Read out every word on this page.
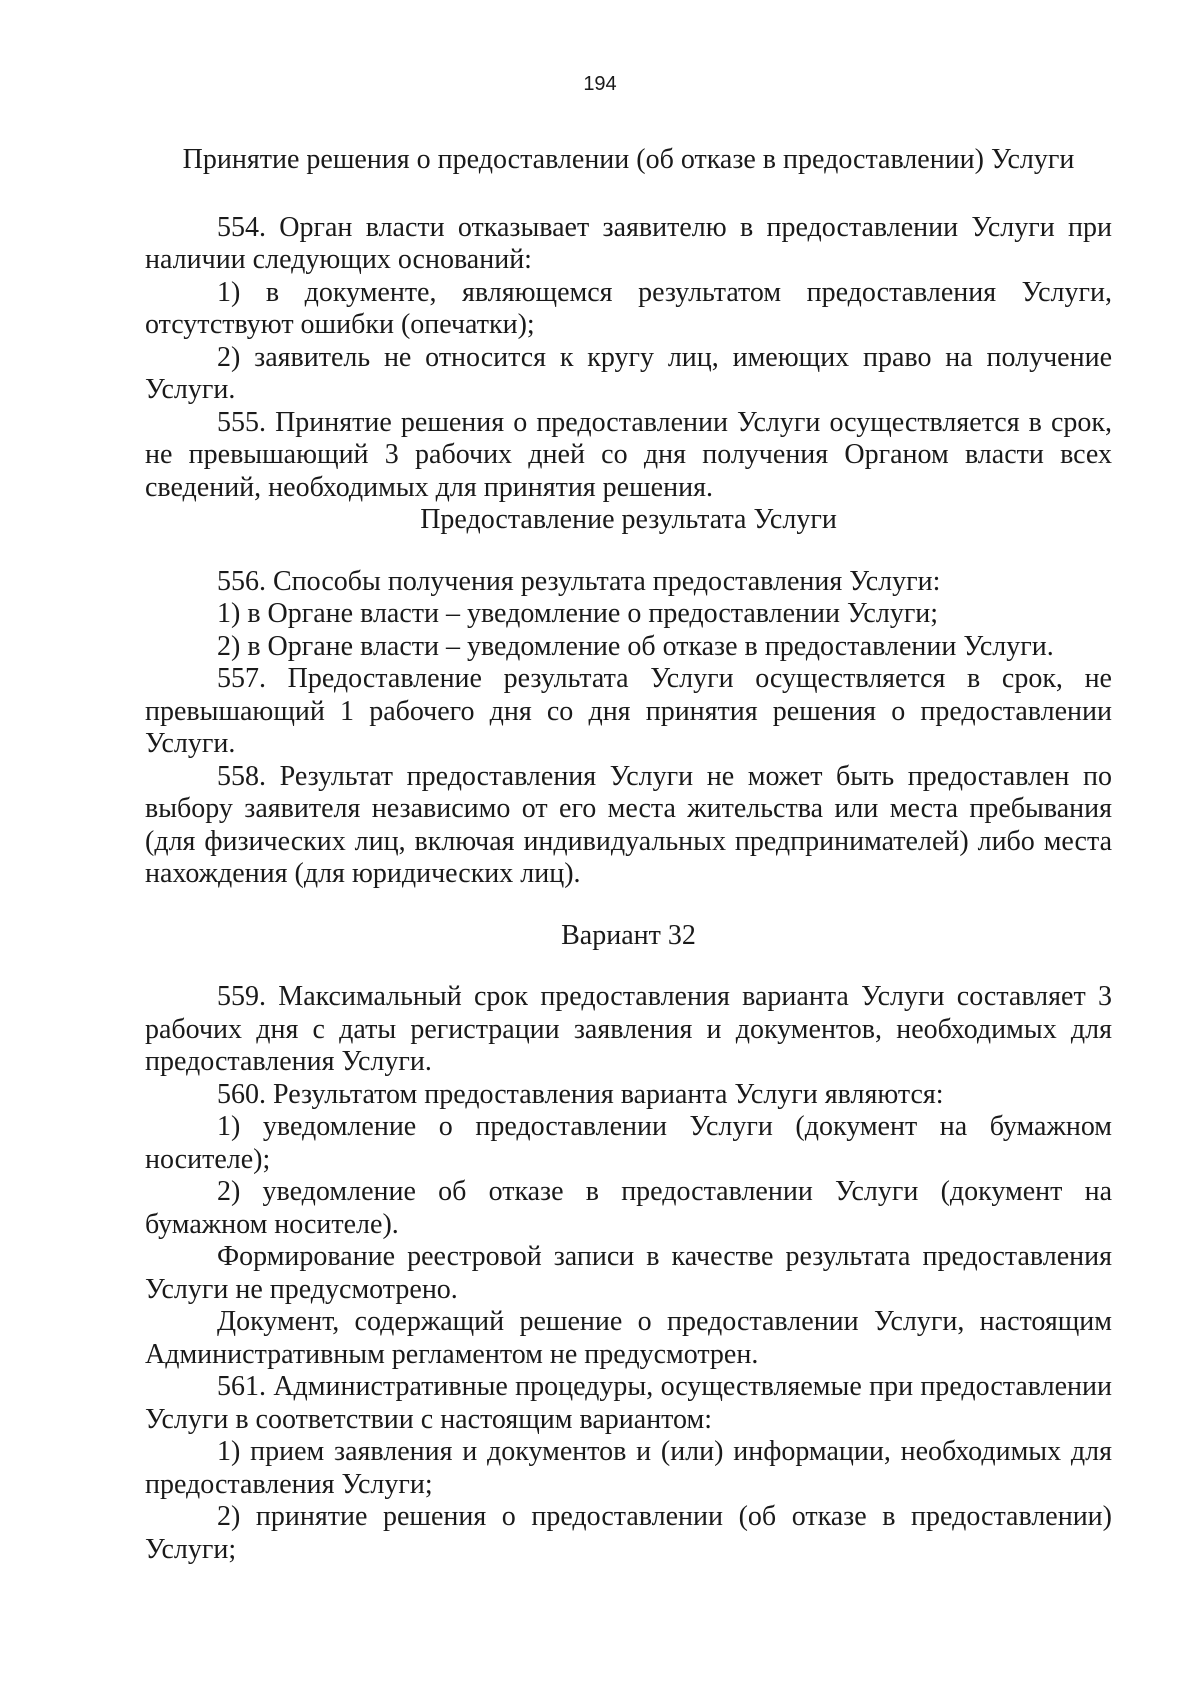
194

Принятие решения о предоставлении (об отказе в предоставлении) Услуги

554. Орган власти отказывает заявителю в предоставлении Услуги при наличии следующих оснований:

1) в документе, являющемся результатом предоставления Услуги, отсутствуют ошибки (опечатки);

2) заявитель не относится к кругу лиц, имеющих право на получение Услуги.

555. Принятие решения о предоставлении Услуги осуществляется в срок, не превышающий 3 рабочих дней со дня получения Органом власти всех сведений, необходимых для принятия решения.

Предоставление результата Услуги

556. Способы получения результата предоставления Услуги:

1) в Органе власти – уведомление о предоставлении Услуги;

2) в Органе власти – уведомление об отказе в предоставлении Услуги.

557. Предоставление результата Услуги осуществляется в срок, не превышающий 1 рабочего дня со дня принятия решения о предоставлении Услуги.

558. Результат предоставления Услуги не может быть предоставлен по выбору заявителя независимо от его места жительства или места пребывания (для физических лиц, включая индивидуальных предпринимателей) либо места нахождения (для юридических лиц).

Вариант 32

559. Максимальный срок предоставления варианта Услуги составляет 3 рабочих дня с даты регистрации заявления и документов, необходимых для предоставления Услуги.

560. Результатом предоставления варианта Услуги являются:

1) уведомление о предоставлении Услуги (документ на бумажном носителе);

2) уведомление об отказе в предоставлении Услуги (документ на бумажном носителе).

Формирование реестровой записи в качестве результата предоставления Услуги не предусмотрено.

Документ, содержащий решение о предоставлении Услуги, настоящим Административным регламентом не предусмотрен.

561. Административные процедуры, осуществляемые при предоставлении Услуги в соответствии с настоящим вариантом:

1) прием заявления и документов и (или) информации, необходимых для предоставления Услуги;

2) принятие решения о предоставлении (об отказе в предоставлении) Услуги;
